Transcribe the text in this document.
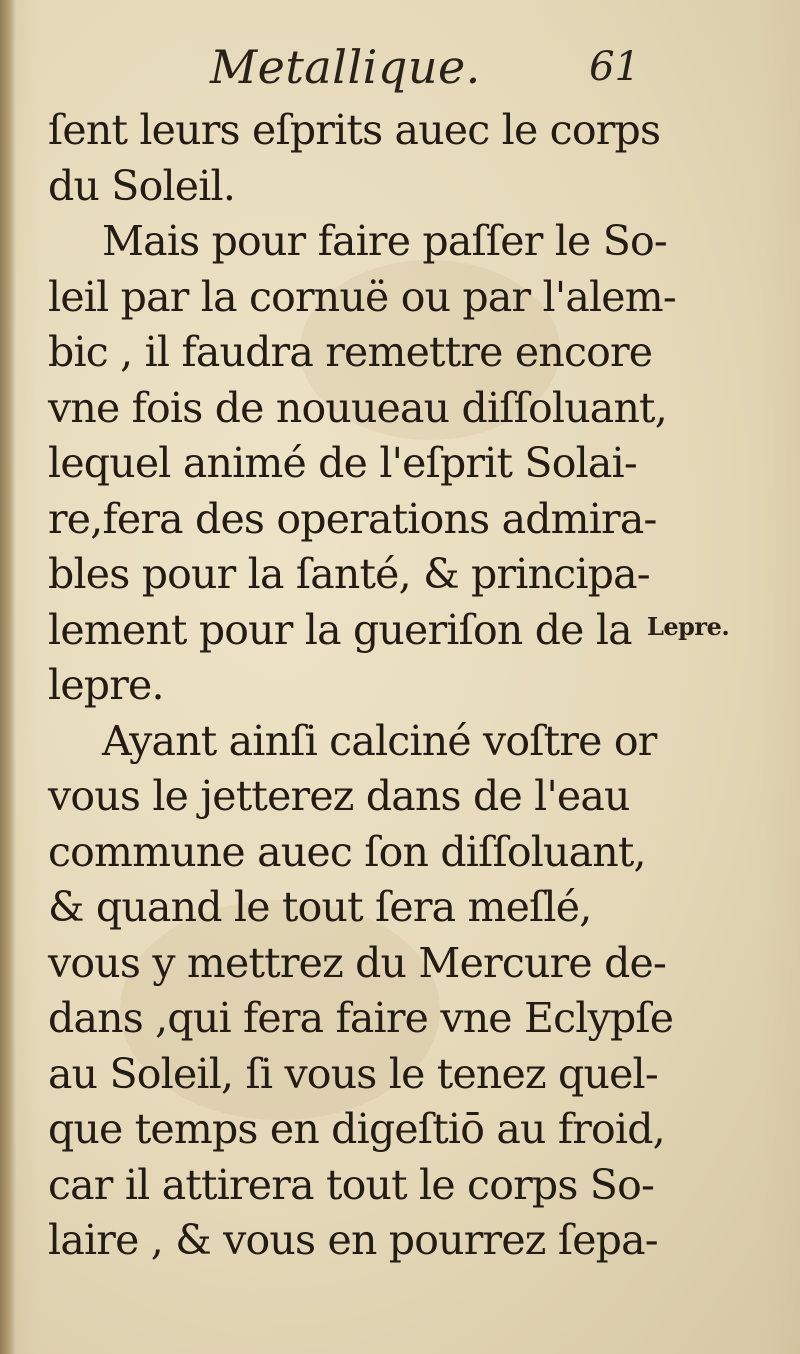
Metallique.	61
ſent leurs eſprits auec le corps
du Soleil.
Mais pour faire paſſer le So-
leil par la cornuë ou par l'alem-
bic , il faudra remettre encore
vne fois de nouueau diſſoluant,
lequel animé de l'eſprit Solai-
re,fera des operations admira-
bles pour la ſanté, & principa-
lement pour la gueriſon de la
lepre.
Ayant ainſi calciné voſtre or
vous le jetterez dans de l'eau
commune auec ſon diſſoluant,
& quand le tout ſera meſlé,
vous y mettrez du Mercure de-
dans ,qui fera faire vne Eclypſe
au Soleil, ſi vous le tenez quel-
que temps en digeſtiō au froid,
car il attirera tout le corps So-
laire , & vous en pourrez ſepa-
Lepre.
